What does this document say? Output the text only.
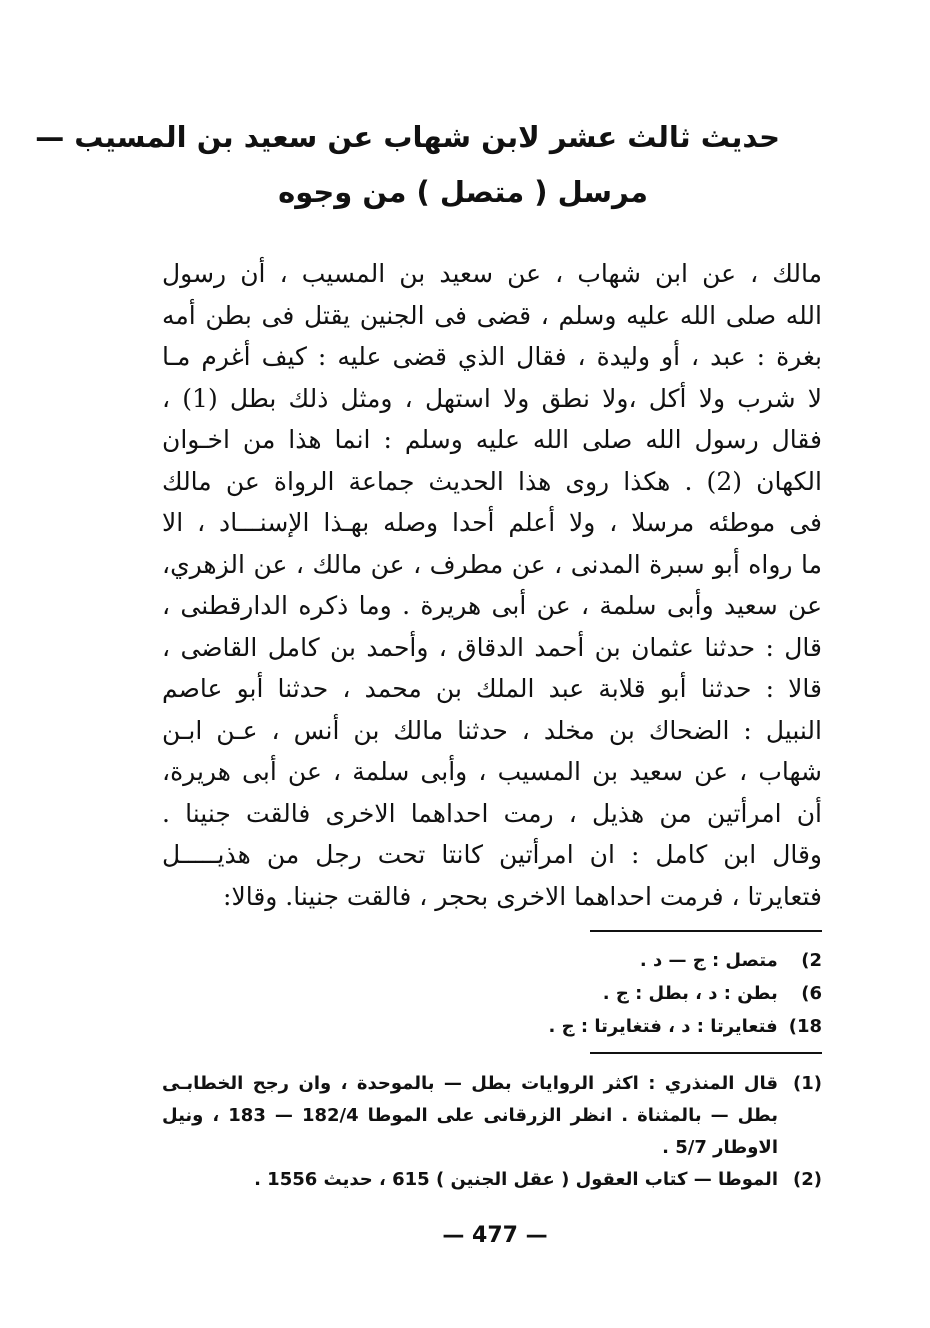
حديث ثالث عشر لابن شهاب عن سعيد بن المسيب —
مرسل ( متصل ) من وجوه
مالك ، عن ابن شهاب ، عن سعيد بن المسيب ، أن رسول
الله صلى الله عليه وسلم ، قضى فى الجنين يقتل فى بطن أمه
بغرة : عبد ، أو وليدة ، فقال الذي قضى عليه : كيف أغرم مـا
لا شرب ولا أكل ،ولا نطق ولا استهل ، ومثل ذلك بطل (1) ،
فقال رسول الله صلى الله عليه وسلم : انما هذا من اخـوان
الكهان (2) . هكذا روى هذا الحديث جماعة الرواة عن مالك
فى موطئه مرسلا ، ولا أعلم أحدا وصله بهـذا الإسنـــاد ، الا
ما رواه أبو سبرة المدنى ، عن مطرف ، عن مالك ، عن الزهري،
عن سعيد وأبى سلمة ، عن أبى هريرة . وما ذكره الدارقطنى ،
قال : حدثنا عثمان بن أحمد الدقاق ، وأحمد بن كامل القاضى ،
قالا : حدثنا أبو قلابة عبد الملك بن محمد ، حدثنا أبو عاصم
النبيل : الضحاك بن مخلد ، حدثنا مالك بن أنس ، عـن ابـن
شهاب ، عن سعيد بن المسيب ، وأبى سلمة ، عن أبى هريرة،
أن امرأتين من هذيل ، رمت احداهما الاخرى فالقت جنينا .
وقال ابن كامل : ان امرأتين كانتا تحت رجل من هذيـــــل
فتعايرتا ، فرمت احداهما الاخرى بحجر ، فالقت جنينا. وقالا:
2) متصل : ج — د .
6) بطن : د ، بطل : ج .
18) فتعايرتا : د ، فتغايرتا : ج .
(1)
قال المنذري : اكثر الروايات بطل — بالموحدة ، وان رجح الخطابـى
بطل — بالمثناة . انظر الزرقانى على الموطا 182/4 — 183 ، ونيل
الاوطار 5/7 .
(2)
الموطا — كتاب العقول ( عقل الجنين ) 615 ، حديث 1556 .
— 477 —
